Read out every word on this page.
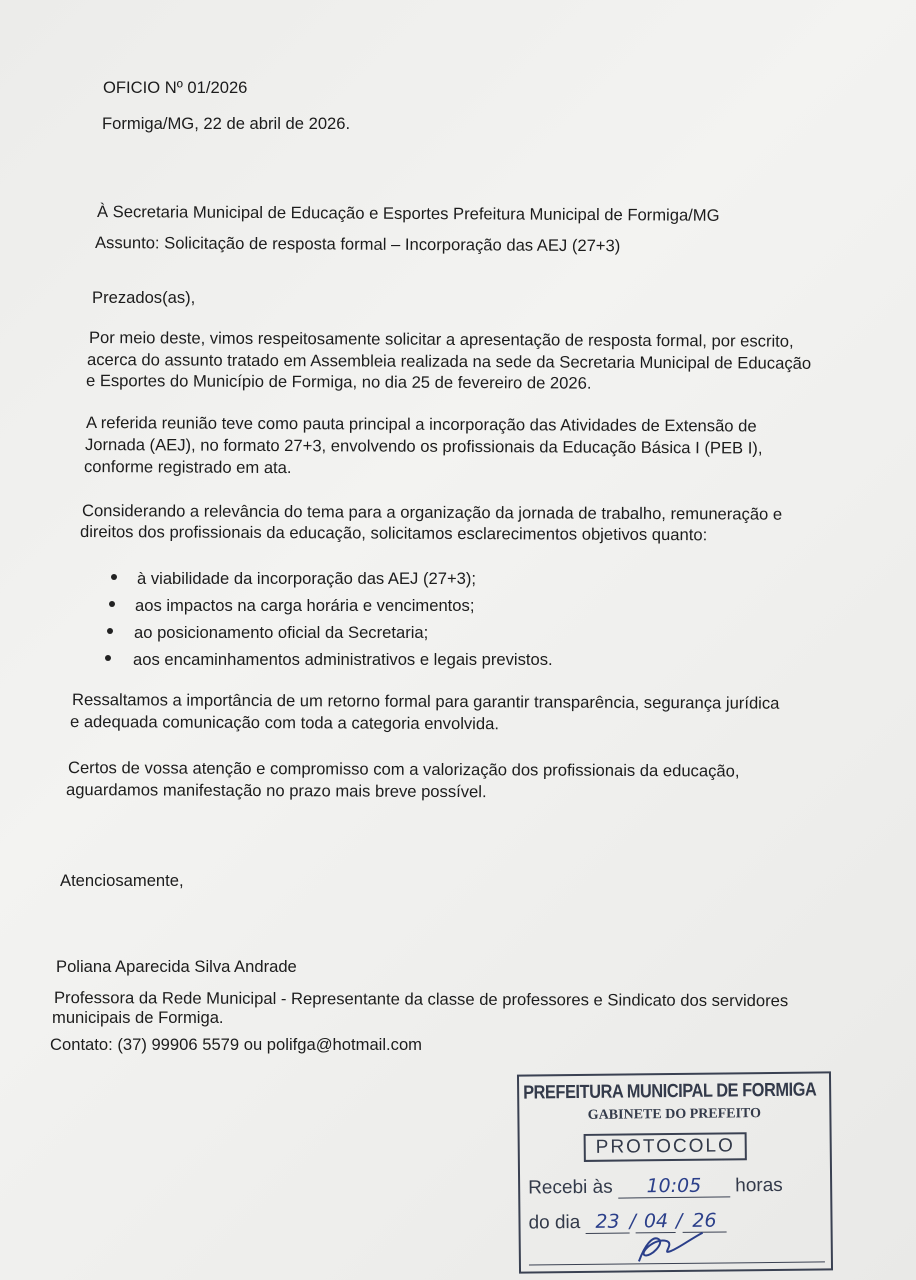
OFICIO Nº 01/2026
Formiga/MG, 22 de abril de 2026.
À Secretaria Municipal de Educação e Esportes Prefeitura Municipal de Formiga/MG
Assunto: Solicitação de resposta formal – Incorporação das AEJ (27+3)
Prezados(as),
Por meio deste, vimos respeitosamente solicitar a apresentação de resposta formal, por escrito,
acerca do assunto tratado em Assembleia realizada na sede da Secretaria Municipal de Educação
e Esportes do Município de Formiga, no dia 25 de fevereiro de 2026.
A referida reunião teve como pauta principal a incorporação das Atividades de Extensão de
Jornada (AEJ), no formato 27+3, envolvendo os profissionais da Educação Básica I (PEB I),
conforme registrado em ata.
Considerando a relevância do tema para a organização da jornada de trabalho, remuneração e
direitos dos profissionais da educação, solicitamos esclarecimentos objetivos quanto:
à viabilidade da incorporação das AEJ (27+3);
aos impactos na carga horária e vencimentos;
ao posicionamento oficial da Secretaria;
aos encaminhamentos administrativos e legais previstos.
Ressaltamos a importância de um retorno formal para garantir transparência, segurança jurídica
e adequada comunicação com toda a categoria envolvida.
Certos de vossa atenção e compromisso com a valorização dos profissionais da educação,
aguardamos manifestação no prazo mais breve possível.
Atenciosamente,
Poliana Aparecida Silva Andrade
Professora da Rede Municipal - Representante da classe de professores e Sindicato dos servidores
municipais de Formiga.
Contato: (37) 99906 5579 ou polifga@hotmail.com
PREFEITURA MUNICIPAL DE FORMIGA
GABINETE DO PREFEITO
PROTOCOLO
Recebi às 10:05 horas
do dia 23 / 04 / 26
